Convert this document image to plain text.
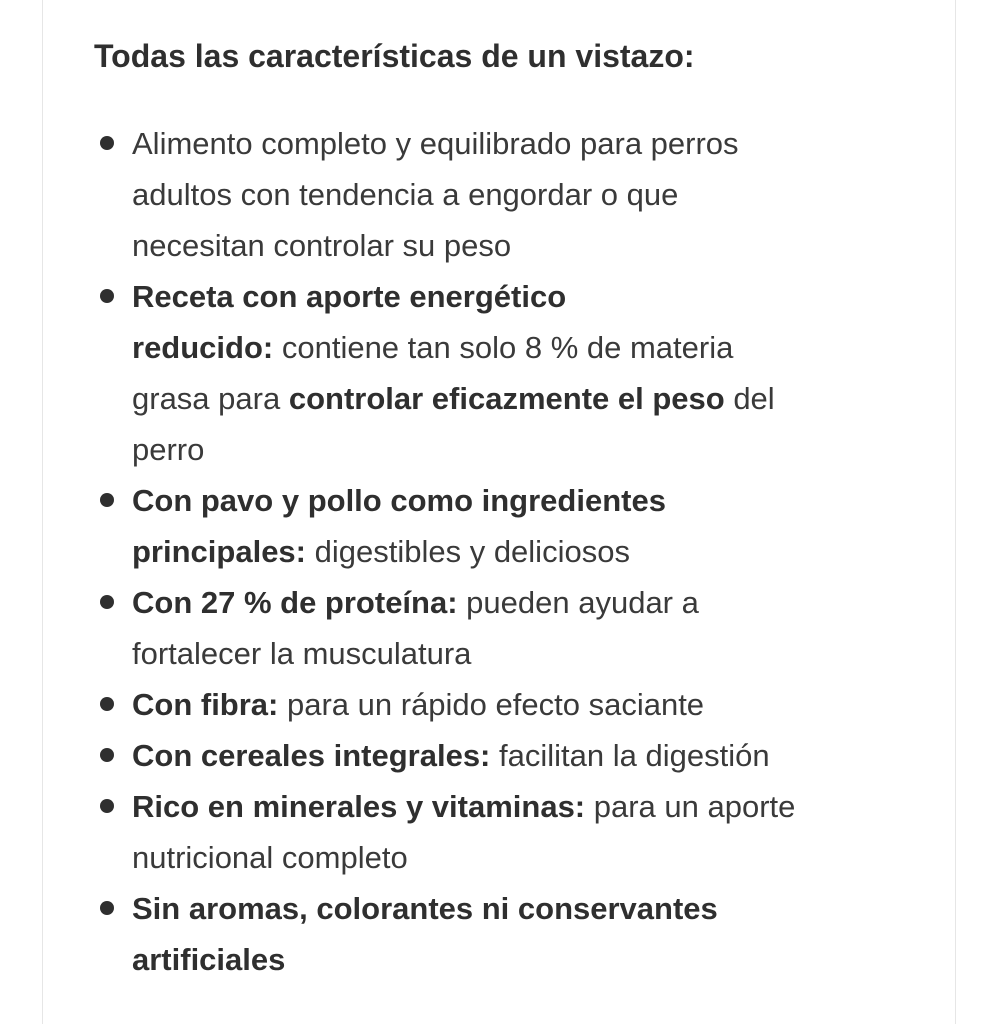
Todas las características de un vistazo:
Alimento completo y equilibrado para perros
adultos con tendencia a engordar o que
necesitan controlar su peso
Receta con aporte energético
reducido: contiene tan solo 8 % de materia
grasa para controlar eficazmente el peso del
perro
Con pavo y pollo como ingredientes
principales: digestibles y deliciosos
Con 27 % de proteína: pueden ayudar a
fortalecer la musculatura
Con fibra: para un rápido efecto saciante
Con cereales integrales: facilitan la digestión
Rico en minerales y vitaminas: para un aporte
nutricional completo
Sin aromas, colorantes ni conservantes
artificiales
